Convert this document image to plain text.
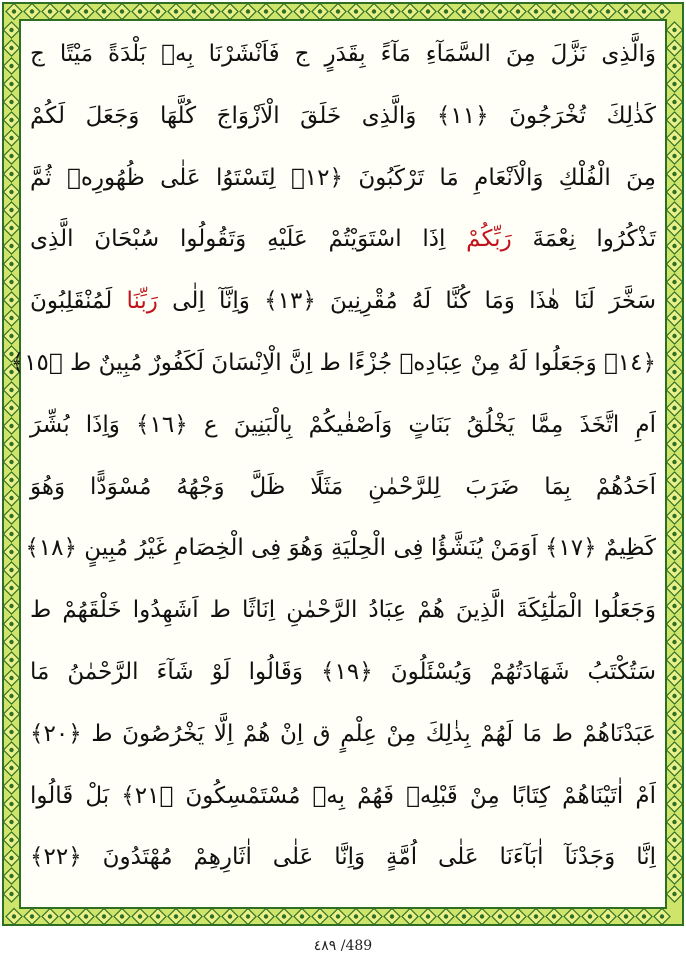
وَالَّذِى نَزَّلَ مِنَ السَّمَآءِ مَآءً بِقَدَرٍ ج فَاَنْشَرْنَا بِهٖ بَلْدَةً مَيْتًا ج
كَذٰلِكَ تُخْرَجُونَ ﴿١١﴾ وَالَّذِى خَلَقَ الْاَزْوَاجَ كُلَّهَا وَجَعَلَ لَكُمْ
مِنَ الْفُلْكِ وَالْاَنْعَامِ مَا تَرْكَبُونَ ﴿١٢﴾ لِتَسْتَوُا عَلٰى ظُهُورِهٖ ثُمَّ
تَذْكُرُوا نِعْمَةَ رَبِّكُمْ اِذَا اسْتَوَيْتُمْ عَلَيْهِ وَتَقُولُوا سُبْحَانَ الَّذِى
سَخَّرَ لَنَا هٰذَا وَمَا كُنَّا لَهُ مُقْرِنِينَ ﴿١٣﴾ وَاِنَّآ اِلٰى رَبِّنَا لَمُنْقَلِبُونَ
﴿١٤﴾ وَجَعَلُوا لَهُ مِنْ عِبَادِهٖ جُزْءًا ط اِنَّ الْاِنْسَانَ لَكَفُورٌ مُبِينٌ ط ﴿١٥﴾
اَمِ اتَّخَذَ مِمَّا يَخْلُقُ بَنَاتٍ وَاَصْفٰيكُمْ بِالْبَنِينَ ع ﴿١٦﴾ وَاِذَا بُشِّرَ
اَحَدُهُمْ بِمَا ضَرَبَ لِلرَّحْمٰنِ مَثَلًا ظَلَّ وَجْهُهُ مُسْوَدًّا وَهُوَ
كَظِيمٌ ﴿١٧﴾ اَوَمَنْ يُنَشَّؤُا فِى الْحِلْيَةِ وَهُوَ فِى الْخِصَامِ غَيْرُ مُبِينٍ ﴿١٨﴾
وَجَعَلُوا الْمَلٰٓئِكَةَ الَّذِينَ هُمْ عِبَادُ الرَّحْمٰنِ اِنَاثًا ط اَشَهِدُوا خَلْقَهُمْ ط
سَتُكْتَبُ شَهَادَتُهُمْ وَيُسْئَلُونَ ﴿١٩﴾ وَقَالُوا لَوْ شَآءَ الرَّحْمٰنُ مَا
عَبَدْنَاهُمْ ط مَا لَهُمْ بِذٰلِكَ مِنْ عِلْمٍ ق اِنْ هُمْ اِلَّا يَخْرُصُونَ ط ﴿٢٠﴾
اَمْ اٰتَيْنَاهُمْ كِتَابًا مِنْ قَبْلِهٖ فَهُمْ بِهٖ مُسْتَمْسِكُونَ ﴿٢١﴾ بَلْ قَالُوا
اِنَّا وَجَدْنَآ اٰبَآءَنَا عَلٰى اُمَّةٍ وَاِنَّا عَلٰى اٰثَارِهِمْ مُهْتَدُونَ ﴿٢٢﴾
٤٨٩ /489
